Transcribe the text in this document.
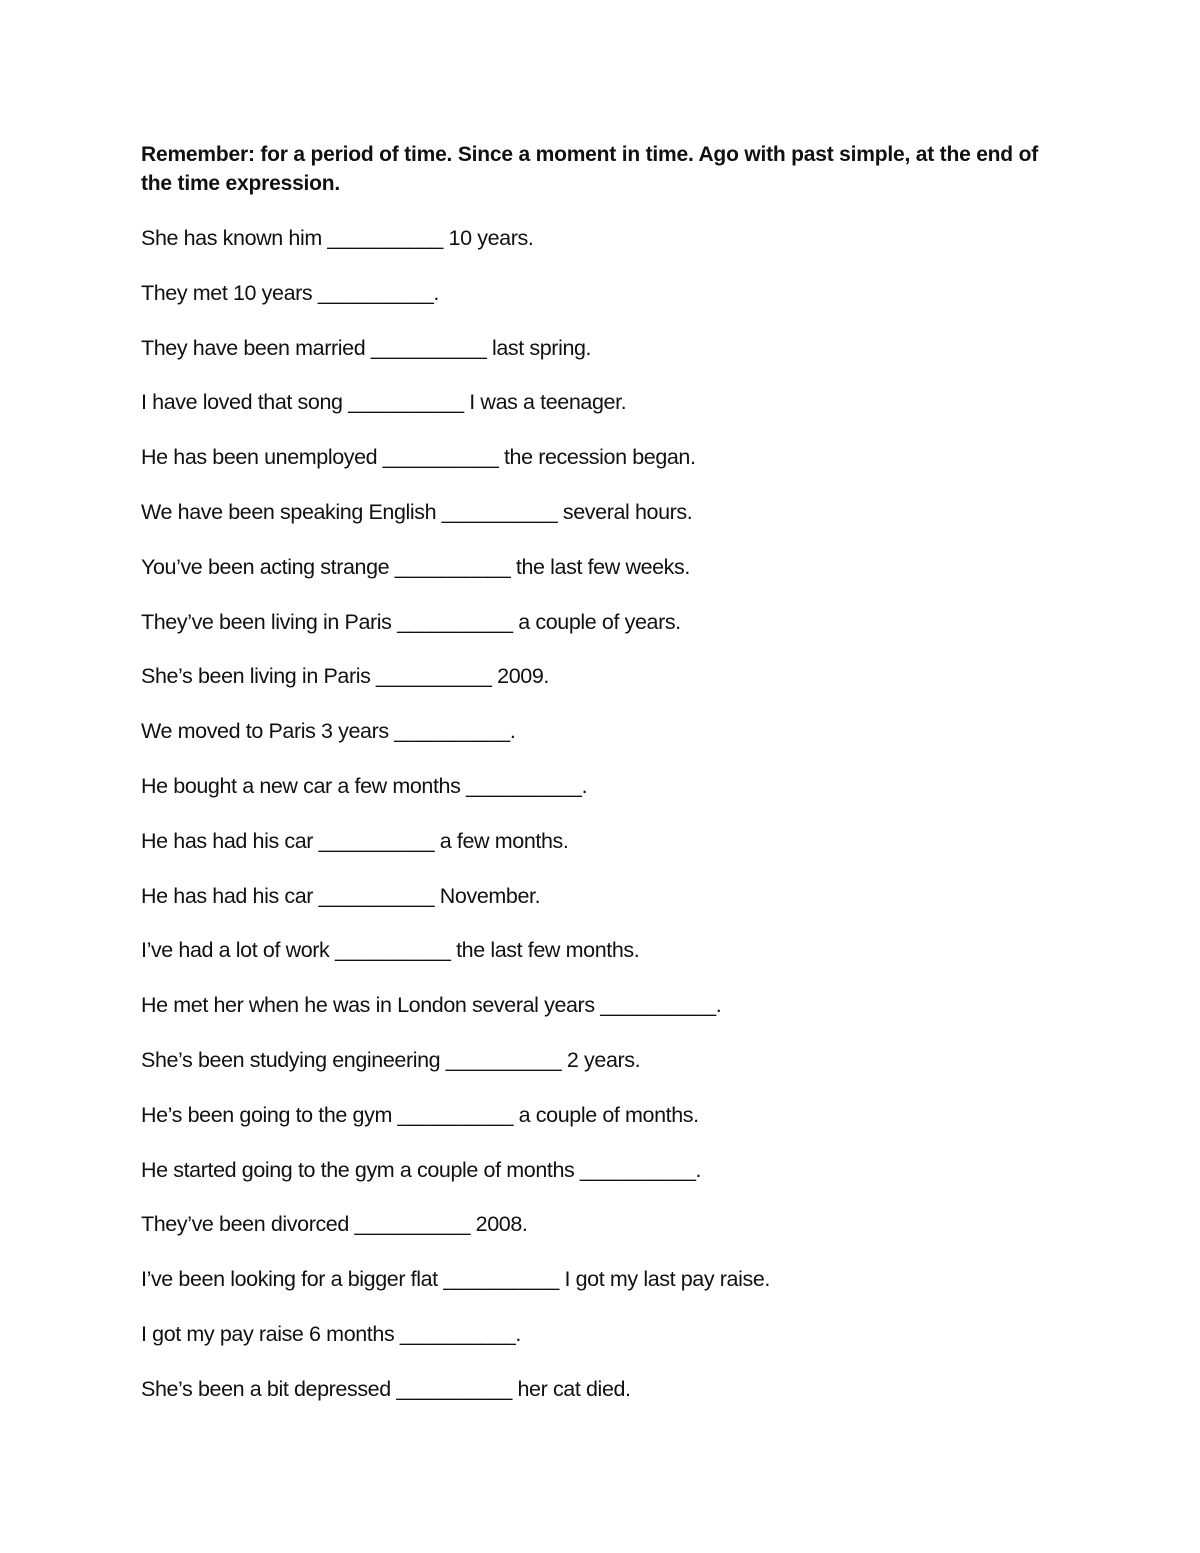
Remember: for a period of time. Since a moment in time. Ago with past simple, at the end of the time expression.
She has known him __________ 10 years.
They met 10 years __________.
They have been married __________ last spring.
I have loved that song __________ I was a teenager.
He has been unemployed __________ the recession began.
We have been speaking English __________ several hours.
You’ve been acting strange __________ the last few weeks.
They’ve been living in Paris __________ a couple of years.
She’s been living in Paris __________ 2009.
We moved to Paris 3 years __________.
He bought a new car a few months __________.
He has had his car __________ a few months.
He has had his car __________ November.
I’ve had a lot of work __________ the last few months.
He met her when he was in London several years __________.
She’s been studying engineering __________ 2 years.
He’s been going to the gym __________ a couple of months.
He started going to the gym a couple of months __________.
They’ve been divorced __________ 2008.
I’ve been looking for a bigger flat __________ I got my last pay raise.
I got my pay raise 6 months __________.
She’s been a bit depressed __________ her cat died.
